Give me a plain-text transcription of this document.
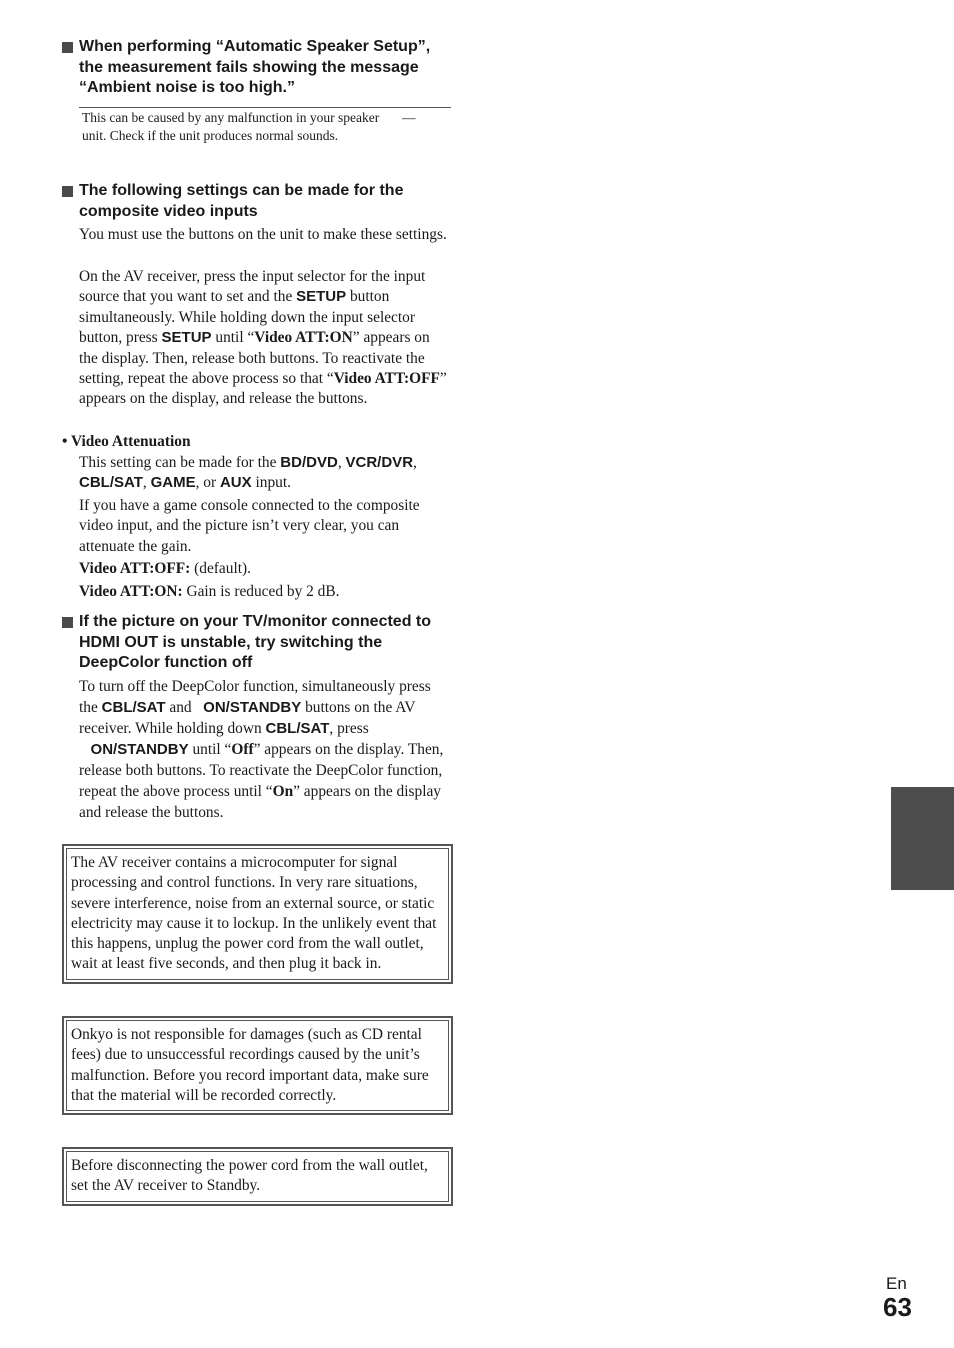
When performing “Automatic Speaker Setup”, the measurement fails showing the message “Ambient noise is too high.”
This can be caused by any malfunction in your speaker unit. Check if the unit produces normal sounds.
—
The following settings can be made for the composite video inputs
You must use the buttons on the unit to make these settings.
On the AV receiver, press the input selector for the input source that you want to set and the SETUP button simultaneously. While holding down the input selector button, press SETUP until “Video ATT:ON” appears on the display. Then, release both buttons. To reactivate the setting, repeat the above process so that “Video ATT:OFF” appears on the display, and release the buttons.
• Video Attenuation
This setting can be made for the BD/DVD, VCR/DVR, CBL/SAT, GAME, or AUX input.
If you have a game console connected to the composite video input, and the picture isn’t very clear, you can attenuate the gain.
Video ATT:OFF: (default).
Video ATT:ON: Gain is reduced by 2 dB.
If the picture on your TV/monitor connected to HDMI OUT is unstable, try switching the DeepColor function off
To turn off the DeepColor function, simultaneously press the CBL/SAT and   ON/STANDBY buttons on the AV receiver. While holding down CBL/SAT, press    ON/STANDBY until “Off” appears on the display. Then, release both buttons. To reactivate the DeepColor function, repeat the above process until “On” appears on the display and release the buttons.
The AV receiver contains a microcomputer for signal processing and control functions. In very rare situations, severe interference, noise from an external source, or static electricity may cause it to lockup. In the unlikely event that this happens, unplug the power cord from the wall outlet, wait at least five seconds, and then plug it back in.
Onkyo is not responsible for damages (such as CD rental fees) due to unsuccessful recordings caused by the unit’s malfunction. Before you record important data, make sure that the material will be recorded correctly.
Before disconnecting the power cord from the wall outlet, set the AV receiver to Standby.
En
63
